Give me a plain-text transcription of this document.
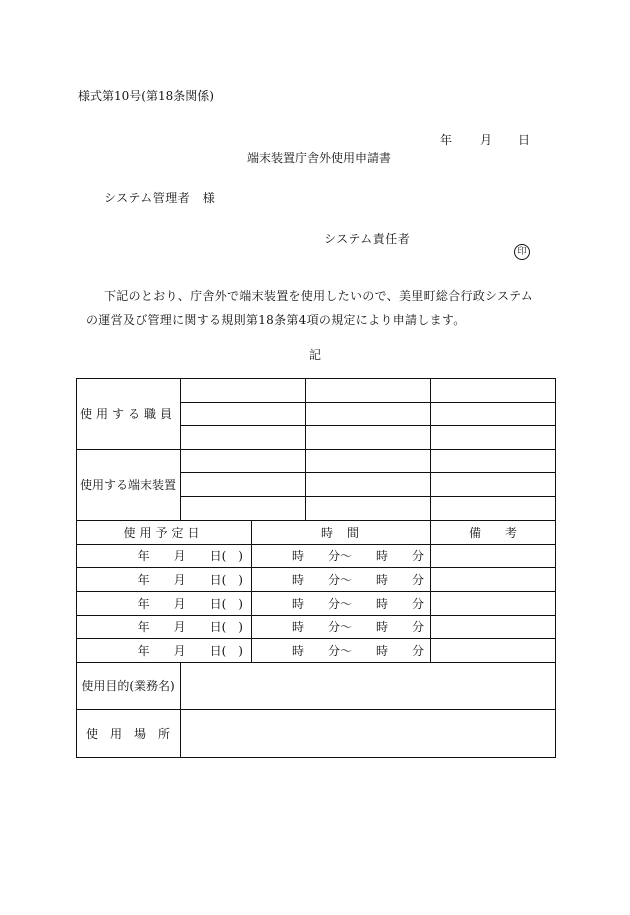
様式第10号(第18条関係)
年 月 日
端末装置庁舎外使用申請書
システム管理者　様
システム責任者
印
下記のとおり、庁舎外で端末装置を使用したいので、美里町総合行政システム
の運営及び管理に関する規則第18条第4項の規定により申請します。
記
使用する職員
使用する端末装置
使用予定日	時　間	備　　考
年　　月　　日(　)	時　　分～　　時　　分
年　　月　　日(　)	時　　分～　　時　　分
年　　月　　日(　)	時　　分～　　時　　分
年　　月　　日(　)	時　　分～　　時　　分
年　　月　　日(　)	時　　分～　　時　　分
使用目的(業務名)
使　用　場　所
